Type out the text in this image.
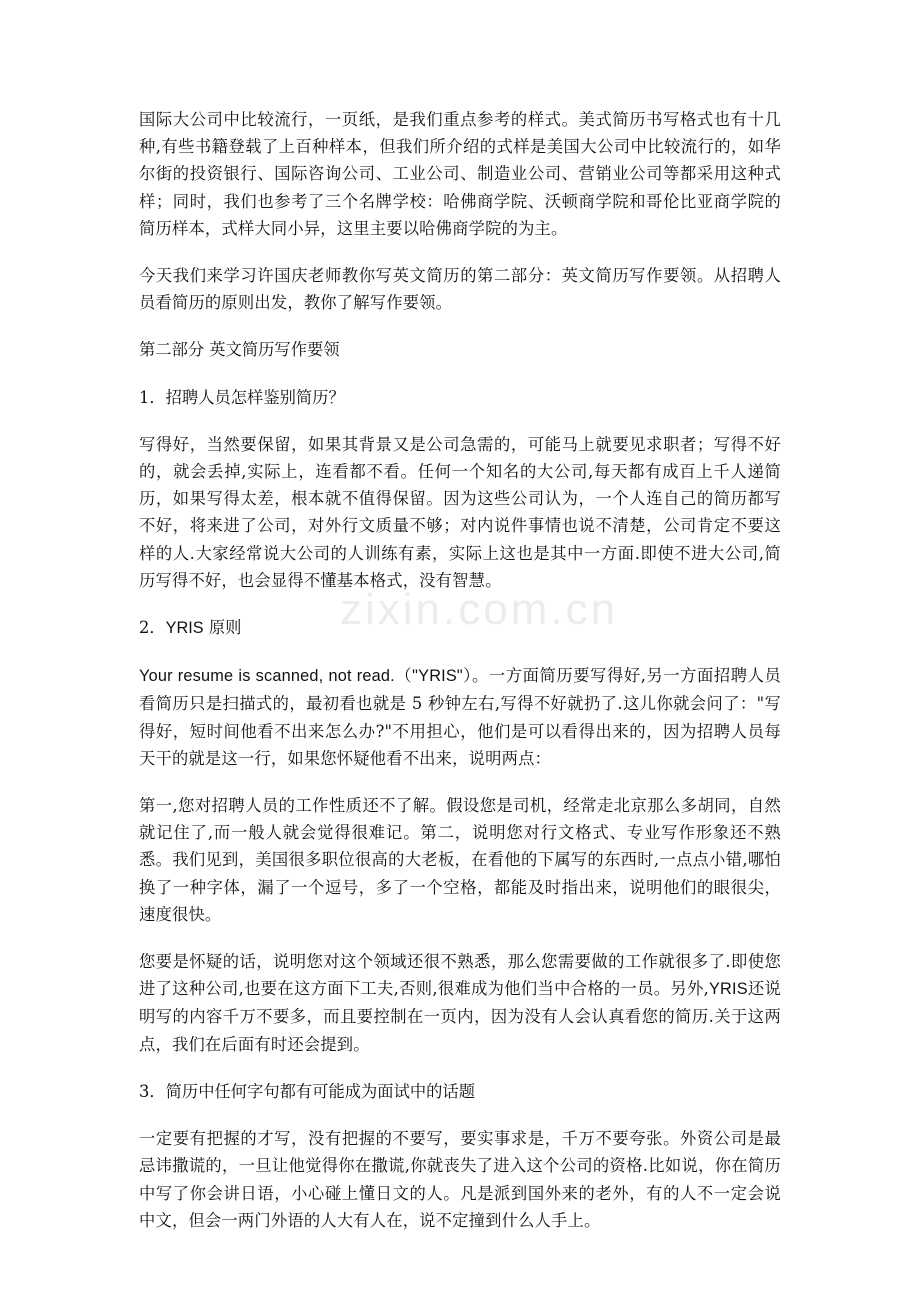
zixin.com.cn

国际大公司中比较流行，一页纸，是我们重点参考的样式。美式简历书写格式也有十几种,有些书籍登载了上百种样本，但我们所介绍的式样是美国大公司中比较流行的，如华尔街的投资银行、国际咨询公司、工业公司、制造业公司、营销业公司等都采用这种式样；同时，我们也参考了三个名牌学校：哈佛商学院、沃顿商学院和哥伦比亚商学院的简历样本，式样大同小异，这里主要以哈佛商学院的为主。

今天我们来学习许国庆老师教你写英文简历的第二部分：英文简历写作要领。从招聘人员看简历的原则出发，教你了解写作要领。

第二部分 英文简历写作要领

1．招聘人员怎样鉴别简历？

写得好，当然要保留，如果其背景又是公司急需的，可能马上就要见求职者；写得不好的，就会丢掉,实际上，连看都不看。任何一个知名的大公司,每天都有成百上千人递简历，如果写得太差，根本就不值得保留。因为这些公司认为，一个人连自己的简历都写不好，将来进了公司，对外行文质量不够；对内说件事情也说不清楚，公司肯定不要这样的人.大家经常说大公司的人训练有素，实际上这也是其中一方面.即使不进大公司,简历写得不好，也会显得不懂基本格式，没有智慧。

2．YRIS 原则

Your resume is scanned, not read.（"YRIS"）。一方面简历要写得好,另一方面招聘人员看简历只是扫描式的，最初看也就是 5 秒钟左右,写得不好就扔了.这儿你就会问了："写得好，短时间他看不出来怎么办?"不用担心，他们是可以看得出来的，因为招聘人员每天干的就是这一行，如果您怀疑他看不出来，说明两点：

第一,您对招聘人员的工作性质还不了解。假设您是司机，经常走北京那么多胡同，自然就记住了,而一般人就会觉得很难记。第二，说明您对行文格式、专业写作形象还不熟悉。我们见到，美国很多职位很高的大老板，在看他的下属写的东西时,一点点小错,哪怕换了一种字体，漏了一个逗号，多了一个空格，都能及时指出来，说明他们的眼很尖，速度很快。

您要是怀疑的话，说明您对这个领域还很不熟悉，那么您需要做的工作就很多了.即使您进了这种公司,也要在这方面下工夫,否则,很难成为他们当中合格的一员。另外,YRIS还说明写的内容千万不要多，而且要控制在一页内，因为没有人会认真看您的简历.关于这两点，我们在后面有时还会提到。

3．简历中任何字句都有可能成为面试中的话题

一定要有把握的才写，没有把握的不要写，要实事求是，千万不要夸张。外资公司是最忌讳撒谎的，一旦让他觉得你在撒谎,你就丧失了进入这个公司的资格.比如说，你在简历中写了你会讲日语，小心碰上懂日文的人。凡是派到国外来的老外，有的人不一定会说中文，但会一两门外语的人大有人在，说不定撞到什么人手上。
